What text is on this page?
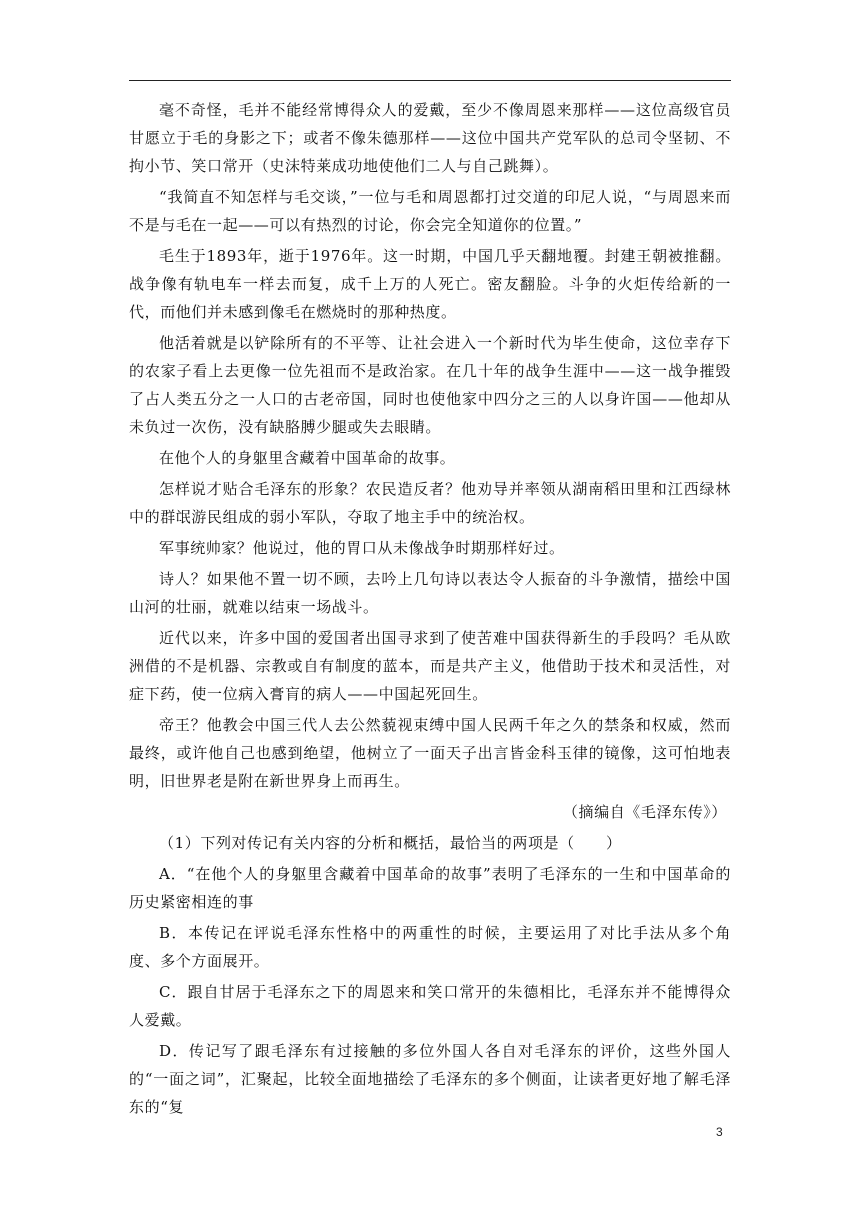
毫不奇怪，毛并不能经常博得众人的爱戴，至少不像周恩来那样——这位高级官员甘愿立于毛的身影之下；或者不像朱德那样——这位中国共产党军队的总司令坚韧、不拘小节、笑口常开（史沫特莱成功地使他们二人与自己跳舞）。

“我简直不知怎样与毛交谈，”一位与毛和周恩都打过交道的印尼人说，“与周恩来而不是与毛在一起——可以有热烈的讨论，你会完全知道你的位置。”

毛生于1893年，逝于1976年。这一时期，中国几乎天翻地覆。封建王朝被推翻。战争像有轨电车一样去而复，成千上万的人死亡。密友翻脸。斗争的火炬传给新的一代，而他们并未感到像毛在燃烧时的那种热度。

他活着就是以铲除所有的不平等、让社会进入一个新时代为毕生使命，这位幸存下的农家子看上去更像一位先祖而不是政治家。在几十年的战争生涯中——这一战争摧毁了占人类五分之一人口的古老帝国，同时也使他家中四分之三的人以身许国——他却从未负过一次伤，没有缺胳膊少腿或失去眼睛。

在他个人的身躯里含藏着中国革命的故事。

怎样说才贴合毛泽东的形象？农民造反者？他劝导并率领从湖南稻田里和江西绿林中的群氓游民组成的弱小军队，夺取了地主手中的统治权。

军事统帅家？他说过，他的胃口从未像战争时期那样好过。

诗人？如果他不置一切不顾，去吟上几句诗以表达令人振奋的斗争激情，描绘中国山河的壮丽，就难以结束一场战斗。

近代以来，许多中国的爱国者出国寻求到了使苦难中国获得新生的手段吗？毛从欧洲借的不是机器、宗教或自有制度的蓝本，而是共产主义，他借助于技术和灵活性，对症下药，使一位病入膏肓的病人——中国起死回生。

帝王？他教会中国三代人去公然藐视束缚中国人民两千年之久的禁条和权威，然而最终，或许他自己也感到绝望，他树立了一面天子出言皆金科玉律的镜像，这可怕地表明，旧世界老是附在新世界身上而再生。

（摘编自《毛泽东传》）

（1）下列对传记有关内容的分析和概括，最恰当的两项是（　　）

A．“在他个人的身躯里含藏着中国革命的故事”表明了毛泽东的一生和中国革命的历史紧密相连的事

B．本传记在评说毛泽东性格中的两重性的时候，主要运用了对比手法从多个角度、多个方面展开。

C．跟自甘居于毛泽东之下的周恩来和笑口常开的朱德相比，毛泽东并不能博得众人爱戴。

D．传记写了跟毛泽东有过接触的多位外国人各自对毛泽东的评价，这些外国人的“一面之词”，汇聚起，比较全面地描绘了毛泽东的多个侧面，让读者更好地了解毛泽东的“复

3
